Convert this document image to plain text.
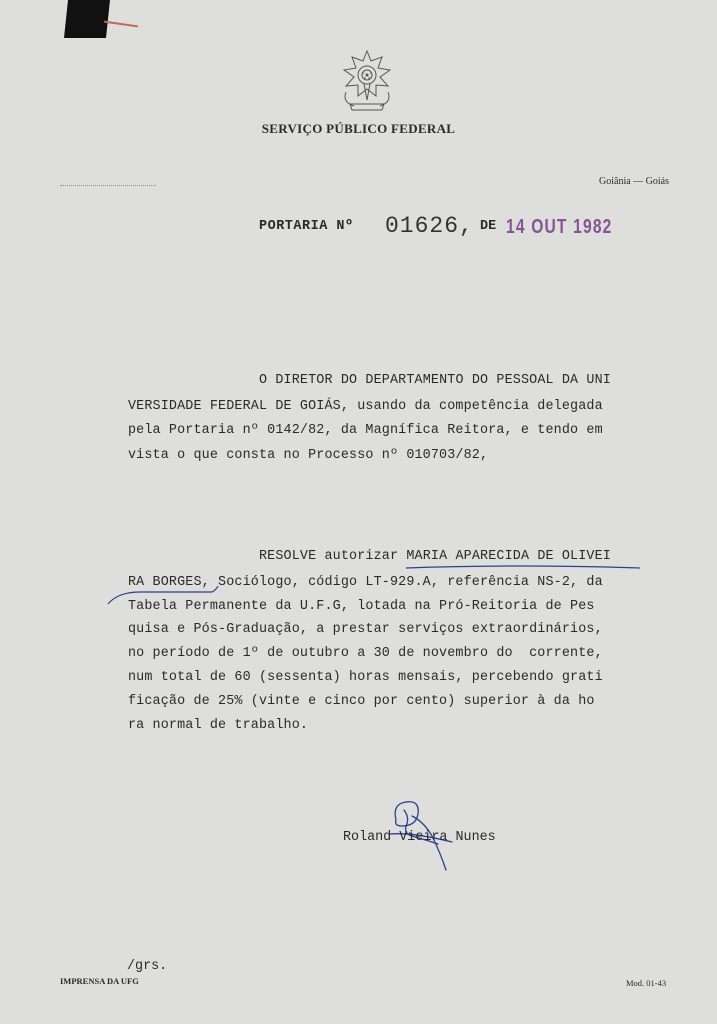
SERVIÇO PÚBLICO FEDERAL
Goiânia — Goiás
PORTARIA Nº 01626, DE 14 OUT 1982
O DIRETOR DO DEPARTAMENTO DO PESSOAL DA UNI
VERSIDADE FEDERAL DE GOIÁS, usando da competência delegada
pela Portaria nº 0142/82, da Magnífica Reitora, e tendo em
vista o que consta no Processo nº 010703/82,
RESOLVE autorizar MARIA APARECIDA DE OLIVEI
RA BORGES, Sociólogo, código LT-929.A, referência NS-2, da
Tabela Permanente da U.F.G, lotada na Pró-Reitoria de Pes
quisa e Pós-Graduação, a prestar serviços extraordinários,
no período de 1º de outubro a 30 de novembro do  corrente,
num total de 60 (sessenta) horas mensais, percebendo grati
ficação de 25% (vinte e cinco por cento) superior à da ho
ra normal de trabalho.
Roland Vieira Nunes
/grs.
IMPRENSA DA UFG	Mod. 01-43
